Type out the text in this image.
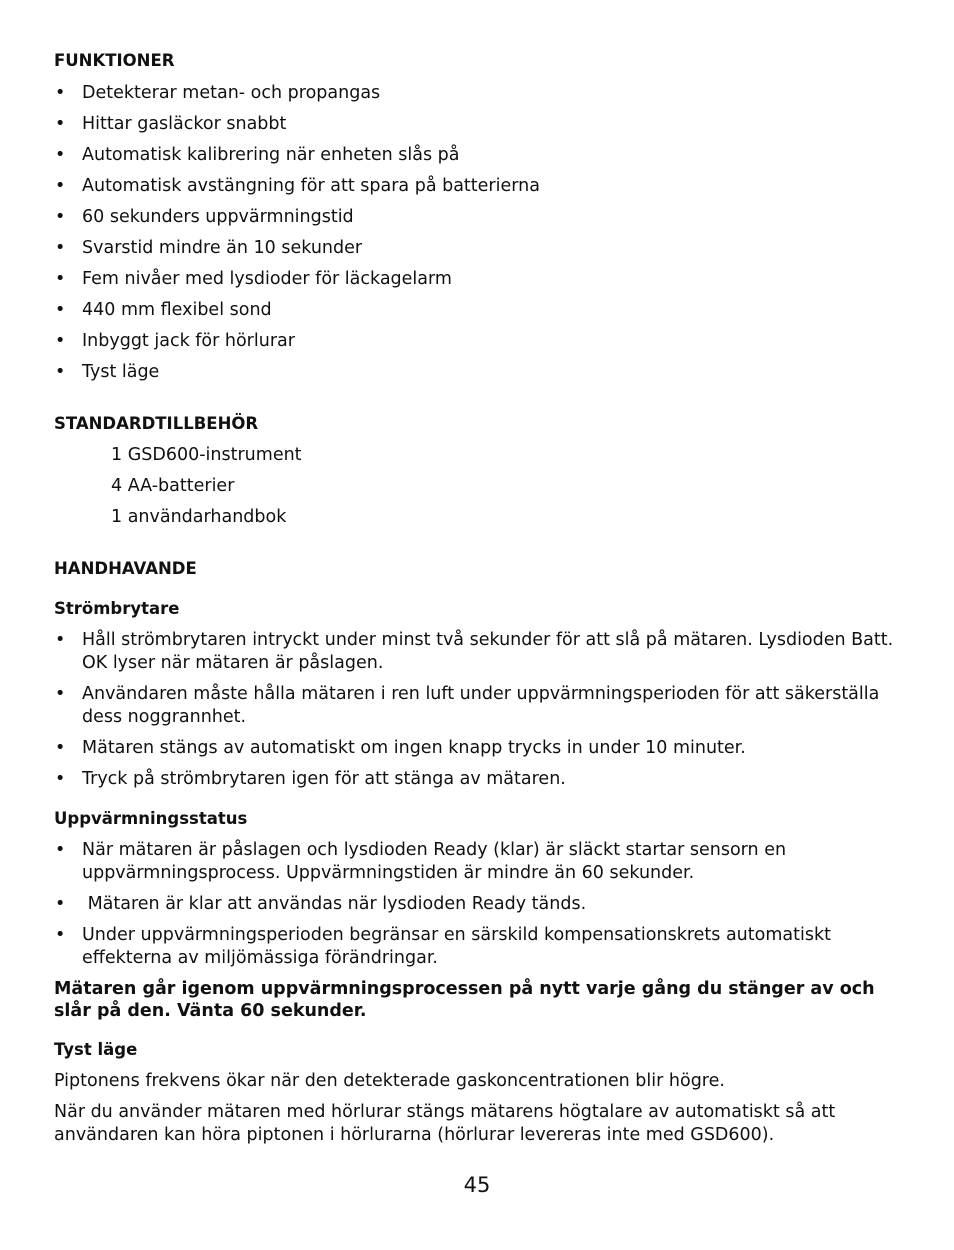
FUNKTIONER

• Detekterar metan- och propangas

• Hittar gasläckor snabbt

• Automatisk kalibrering när enheten slås på

• Automatisk avstängning för att spara på batterierna

• 60 sekunders uppvärmningstid

• Svarstid mindre än 10 sekunder

• Fem nivåer med lysdioder för läckagelarm

• 440 mm flexibel sond

• Inbyggt jack för hörlurar

• Tyst läge

STANDARDTILLBEHÖR

1 GSD600-instrument

4 AA-batterier

1 användarhandbok

HANDHAVANDE

Strömbrytare

• Håll strömbrytaren intryckt under minst två sekunder för att slå på mätaren. Lysdioden Batt. OK lyser när mätaren är påslagen.

• Användaren måste hålla mätaren i ren luft under uppvärmningsperioden för att säkerställa dess noggrannhet.

• Mätaren stängs av automatiskt om ingen knapp trycks in under 10 minuter.

• Tryck på strömbrytaren igen för att stänga av mätaren.

Uppvärmningsstatus

• När mätaren är påslagen och lysdioden Ready (klar) är släckt startar sensorn en uppvärmningsprocess. Uppvärmningstiden är mindre än 60 sekunder.

• Mätaren är klar att användas när lysdioden Ready tänds.

• Under uppvärmningsperioden begränsar en särskild kompensationskrets automatiskt effekterna av miljömässiga förändringar.

Mätaren går igenom uppvärmningsprocessen på nytt varje gång du stänger av och slår på den. Vänta 60 sekunder.

Tyst läge

Piptonens frekvens ökar när den detekterade gaskoncentrationen blir högre.

När du använder mätaren med hörlurar stängs mätarens högtalare av automatiskt så att användaren kan höra piptonen i hörlurarna (hörlurar levereras inte med GSD600).

45
